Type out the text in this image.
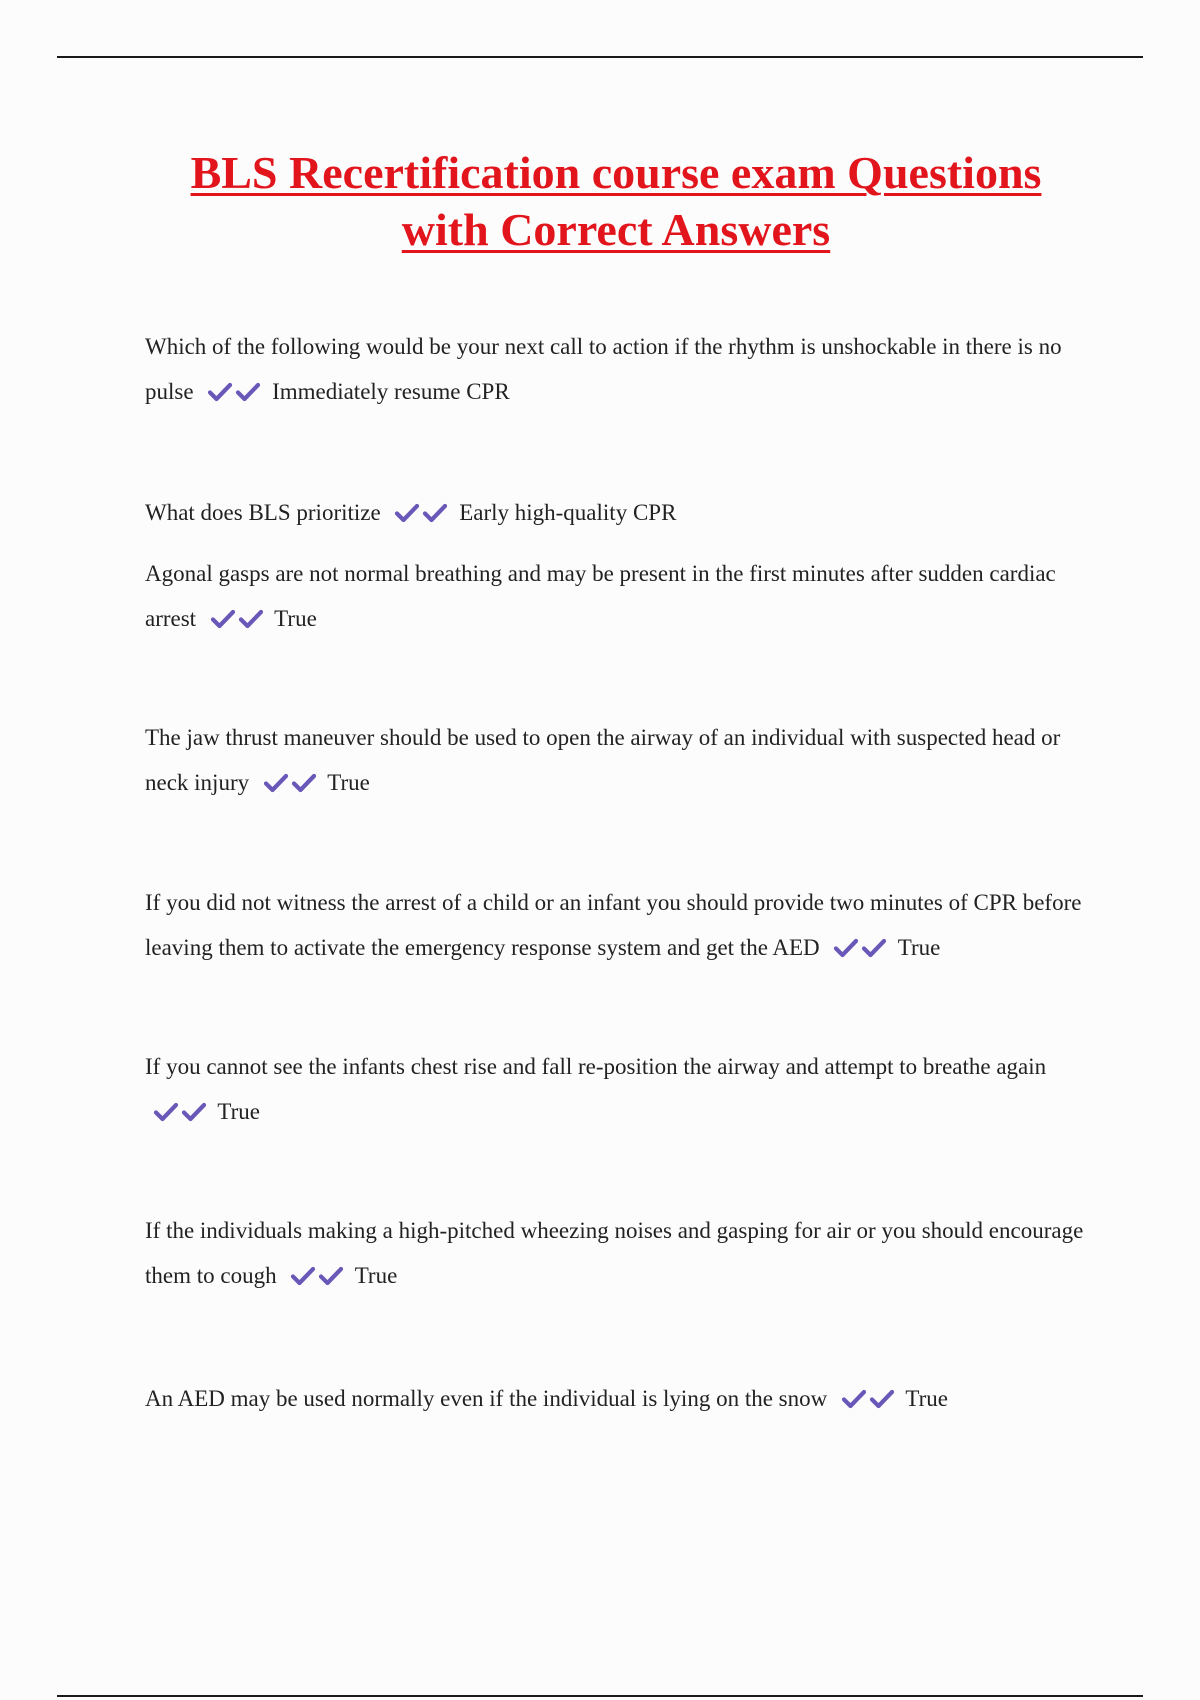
BLS Recertification course exam Questions
with Correct Answers

Which of the following would be your next call to action if the rhythm is unshockable in there is no pulse	Immediately resume CPR

What does BLS prioritize	Early high-quality CPR

Agonal gasps are not normal breathing and may be present in the first minutes after sudden cardiac arrest	True

The jaw thrust maneuver should be used to open the airway of an individual with suspected head or neck injury	True

If you did not witness the arrest of a child or an infant you should provide two minutes of CPR before leaving them to activate the emergency response system and get the AED	True

If you cannot see the infants chest rise and fall re-position the airway and attempt to breathe again
True

If the individuals making a high-pitched wheezing noises and gasping for air or you should encourage them to cough	True

An AED may be used normally even if the individual is lying on the snow	True
